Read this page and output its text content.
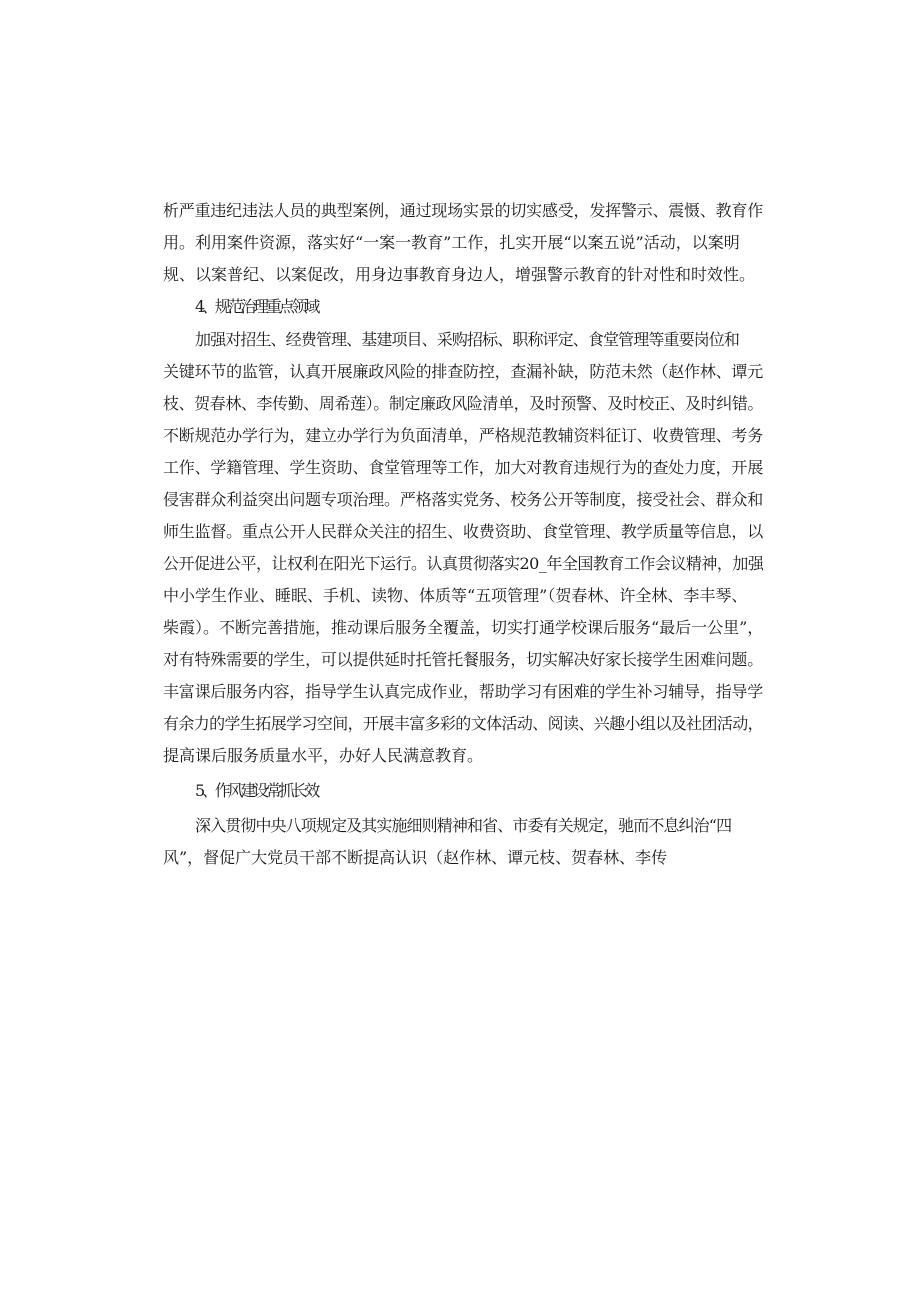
析严重违纪违法人员的典型案例，通过现场实景的切实感受，发挥警示、震慑、教育作
用。利用案件资源，落实好“一案一教育”工作，扎实开展“以案五说”活动，以案明
规、以案普纪、以案促改，用身边事教育身边人，增强警示教育的针对性和时效性。
4、规范治理重点领域
加强对招生、经费管理、基建项目、采购招标、职称评定、食堂管理等重要岗位和
关键环节的监管，认真开展廉政风险的排查防控，查漏补缺，防范未然（赵作林、谭元
枝、贺春林、李传勤、周希莲）。制定廉政风险清单，及时预警、及时校正、及时纠错。
不断规范办学行为，建立办学行为负面清单，严格规范教辅资料征订、收费管理、考务
工作、学籍管理、学生资助、食堂管理等工作，加大对教育违规行为的查处力度，开展
侵害群众利益突出问题专项治理。严格落实党务、校务公开等制度，接受社会、群众和
师生监督。重点公开人民群众关注的招生、收费资助、食堂管理、教学质量等信息，以
公开促进公平，让权利在阳光下运行。认真贯彻落实20_年全国教育工作会议精神，加强
中小学生作业、睡眠、手机、读物、体质等“五项管理”（贺春林、许全林、李丰琴、
柴霞）。不断完善措施，推动课后服务全覆盖，切实打通学校课后服务“最后一公里”，
对有特殊需要的学生，可以提供延时托管托餐服务，切实解决好家长接学生困难问题。
丰富课后服务内容，指导学生认真完成作业，帮助学习有困难的学生补习辅导，指导学
有余力的学生拓展学习空间，开展丰富多彩的文体活动、阅读、兴趣小组以及社团活动，
提高课后服务质量水平，办好人民满意教育。
5、作风建设常抓长效
深入贯彻中央八项规定及其实施细则精神和省、市委有关规定，驰而不息纠治“四
风”，督促广大党员干部不断提高认识（赵作林、谭元枝、贺春林、李传
